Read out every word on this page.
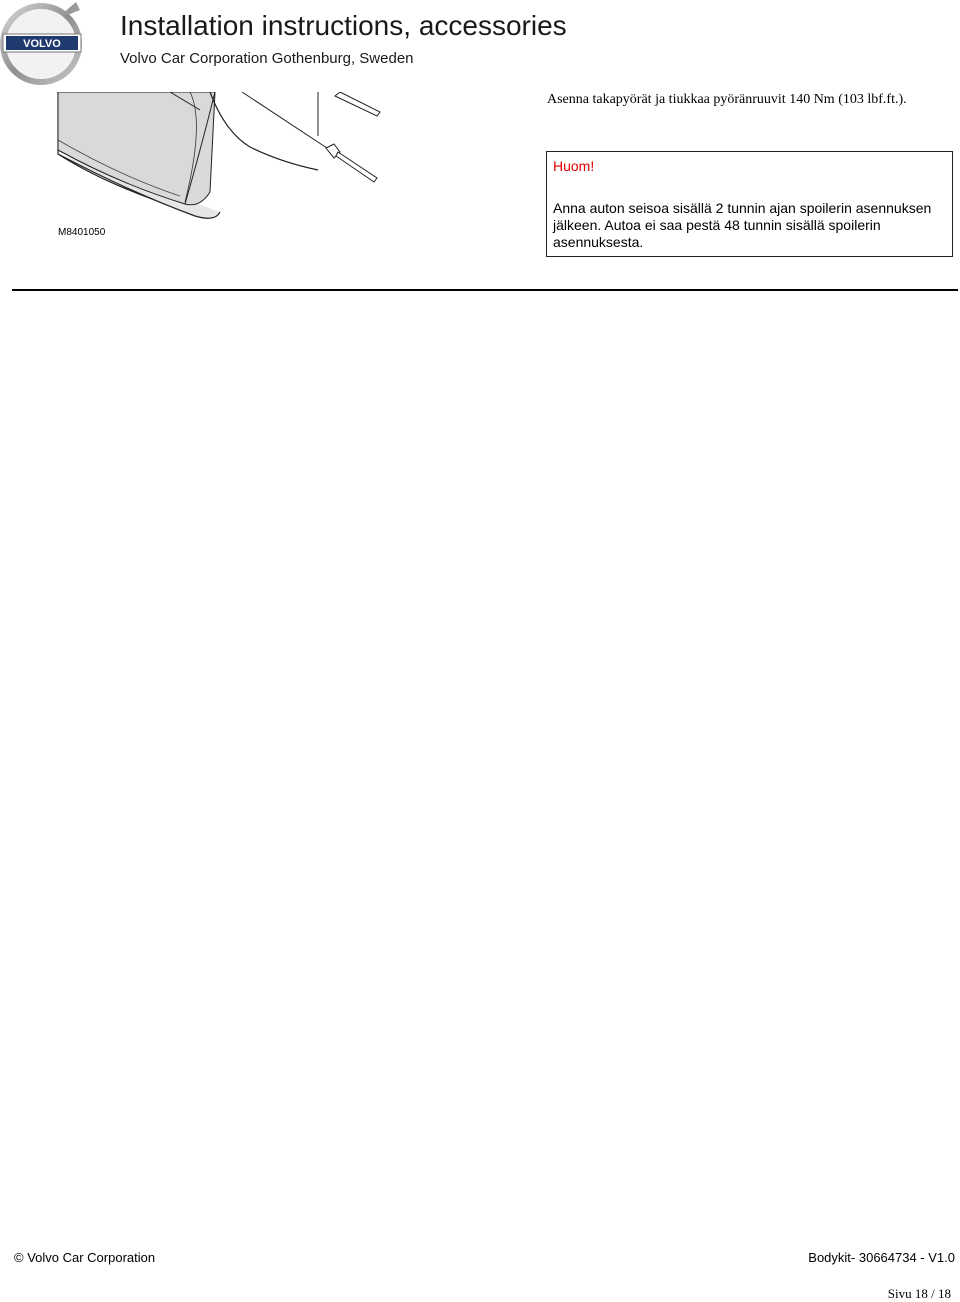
VOLVO
Installation instructions, accessories
Volvo Car Corporation Gothenburg, Sweden
M8401050
Asenna takapyörät ja tiukkaa pyöränruuvit 140 Nm (103 lbf.ft.).
Huom!
Anna auton seisoa sisällä 2 tunnin ajan spoilerin asennuksen jälkeen. Autoa ei saa pestä 48 tunnin sisällä spoilerin asennuksesta.
© Volvo Car Corporation	Bodykit- 30664734 - V1.0
Sivu 18 / 18
